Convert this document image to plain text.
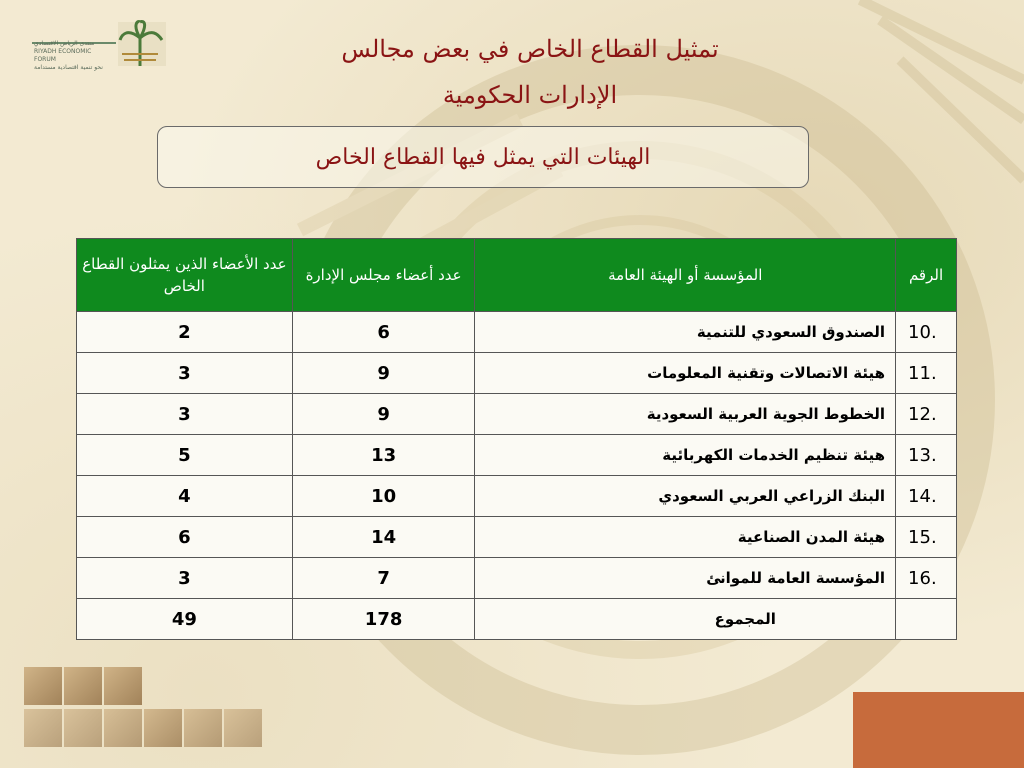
منتدى الرياض الاقتصادي
RIYADH ECONOMIC FORUM

نحو تنمية اقتصادية مستدامة
تمثيل القطاع الخاص في بعض مجالس
الإدارات الحكومية
الهيئات التي يمثل فيها القطاع الخاص
الرقم	المؤسسة أو الهيئة العامة	عدد أعضاء مجلس الإدارة	عدد الأعضاء الذين يمثلون القطاع الخاص
10.	الصندوق السعودي للتنمية	6	2
11.	هيئة الاتصالات وتقنية المعلومات	9	3
12.	الخطوط الجوية العربية السعودية	9	3
13.	هيئة تنظيم الخدمات الكهربائية	13	5
14.	البنك الزراعي العربي السعودي	10	4
15.	هيئة المدن الصناعية	14	6
16.	المؤسسة العامة للموانئ	7	3
	المجموع	178	49
